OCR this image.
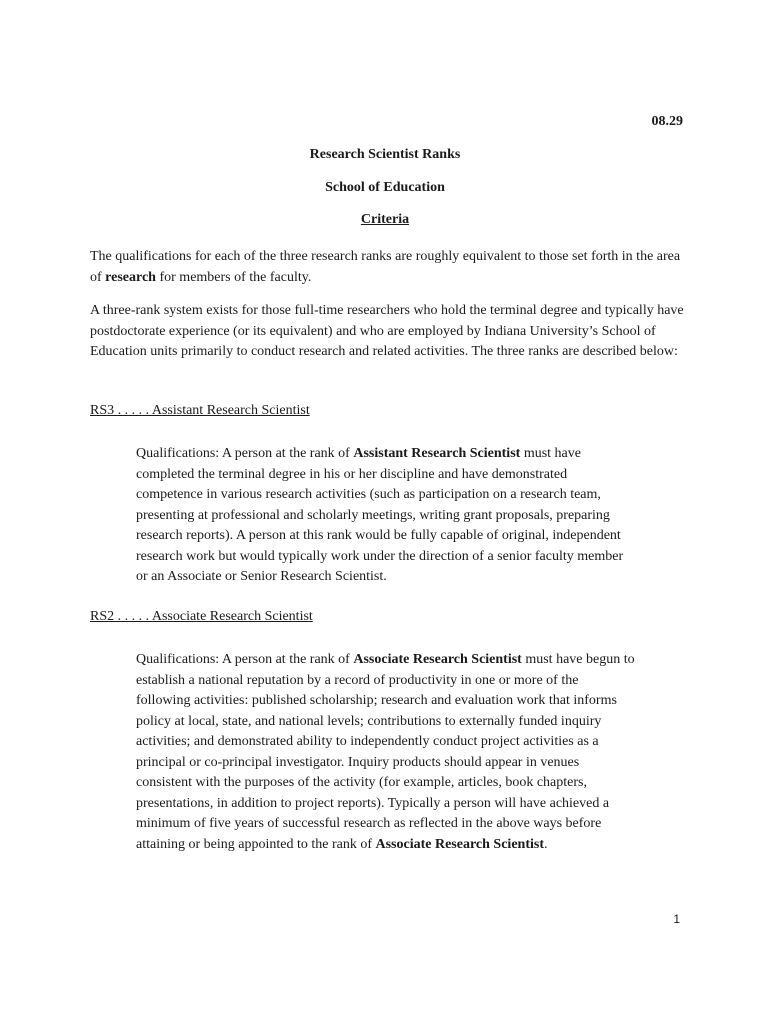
08.29
Research Scientist Ranks
School of Education
Criteria

The qualifications for each of the three research ranks are roughly equivalent to those set forth in the area of research for members of the faculty.

A three-rank system exists for those full-time researchers who hold the terminal degree and typically have postdoctorate experience (or its equivalent) and who are employed by Indiana University’s School of Education units primarily to conduct research and related activities. The three ranks are described below:

RS3 . . . . . Assistant Research Scientist

Qualifications: A person at the rank of Assistant Research Scientist must have completed the terminal degree in his or her discipline and have demonstrated competence in various research activities (such as participation on a research team, presenting at professional and scholarly meetings, writing grant proposals, preparing research reports). A person at this rank would be fully capable of original, independent research work but would typically work under the direction of a senior faculty member or an Associate or Senior Research Scientist.

RS2 . . . . . Associate Research Scientist

Qualifications: A person at the rank of Associate Research Scientist must have begun to establish a national reputation by a record of productivity in one or more of the following activities: published scholarship; research and evaluation work that informs policy at local, state, and national levels; contributions to externally funded inquiry activities; and demonstrated ability to independently conduct project activities as a principal or co-principal investigator. Inquiry products should appear in venues consistent with the purposes of the activity (for example, articles, book chapters, presentations, in addition to project reports). Typically a person will have achieved a minimum of five years of successful research as reflected in the above ways before attaining or being appointed to the rank of Associate Research Scientist.

1
